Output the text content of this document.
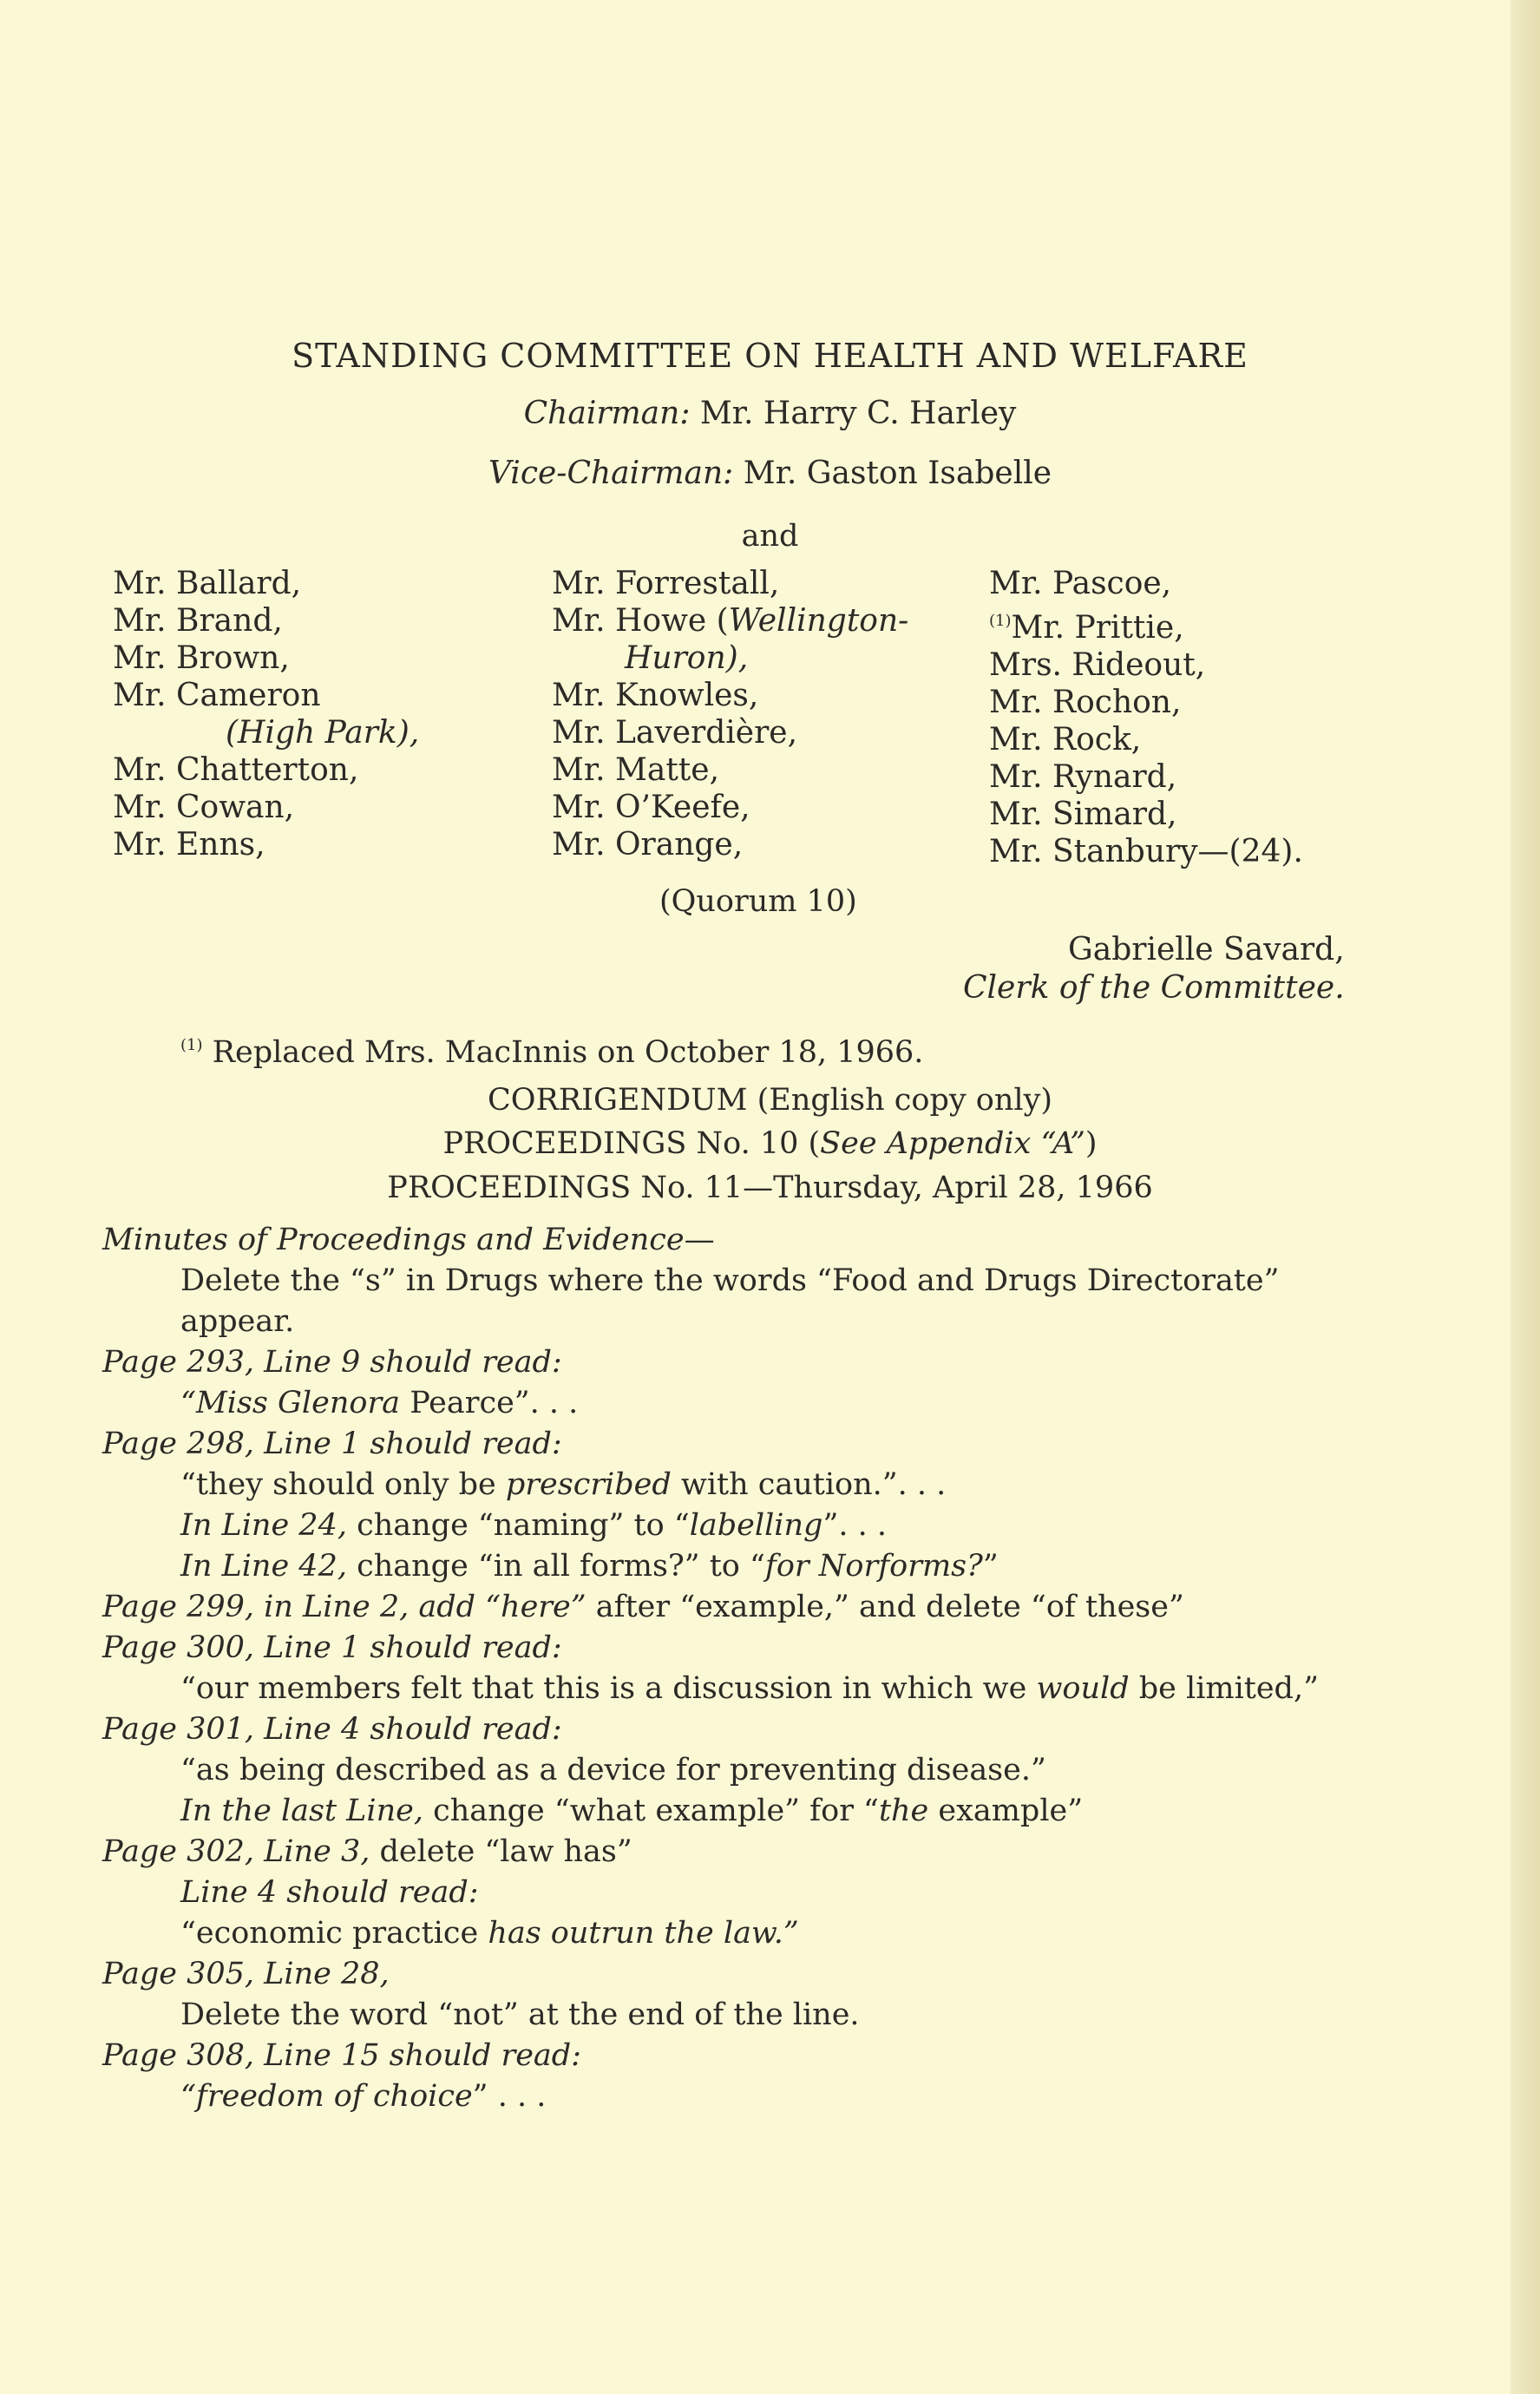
STANDING COMMITTEE ON HEALTH AND WELFARE
Chairman: Mr. Harry C. Harley
Vice-Chairman: Mr. Gaston Isabelle
and
Mr. Ballard,
Mr. Brand,
Mr. Brown,
Mr. Cameron
(High Park),
Mr. Chatterton,
Mr. Cowan,
Mr. Enns,
Mr. Forrestall,
Mr. Howe (Wellington-
Huron),
Mr. Knowles,
Mr. Laverdière,
Mr. Matte,
Mr. O’Keefe,
Mr. Orange,
Mr. Pascoe,
$^{(1)}$Mr. Prittie,
Mrs. Rideout,
Mr. Rochon,
Mr. Rock,
Mr. Rynard,
Mr. Simard,
Mr. Stanbury—(24).
(Quorum 10)
Gabrielle Savard,
Clerk of the Committee.
$^{(1)}$ Replaced Mrs. MacInnis on October 18, 1966.
CORRIGENDUM (English copy only)
PROCEEDINGS No. 10 (See Appendix “A”)
PROCEEDINGS No. 11—Thursday, April 28, 1966
Minutes of Proceedings and Evidence—
Delete the “s” in Drugs where the words “Food and Drugs Directorate”
appear.
Page 293, Line 9 should read:
“Miss Glenora Pearce”. . .
Page 298, Line 1 should read:
“they should only be prescribed with caution.”. . .
In Line 24, change “naming” to “labelling”. . .
In Line 42, change “in all forms?” to “for Norforms?”
Page 299, in Line 2, add “here” after “example,” and delete “of these”
Page 300, Line 1 should read:
“our members felt that this is a discussion in which we would be limited,”
Page 301, Line 4 should read:
“as being described as a device for preventing disease.”
In the last Line, change “what example” for “the example”
Page 302, Line 3, delete “law has”
Line 4 should read:
“economic practice has outrun the law.”
Page 305, Line 28,
Delete the word “not” at the end of the line.
Page 308, Line 15 should read:
“freedom of choice” . . .
